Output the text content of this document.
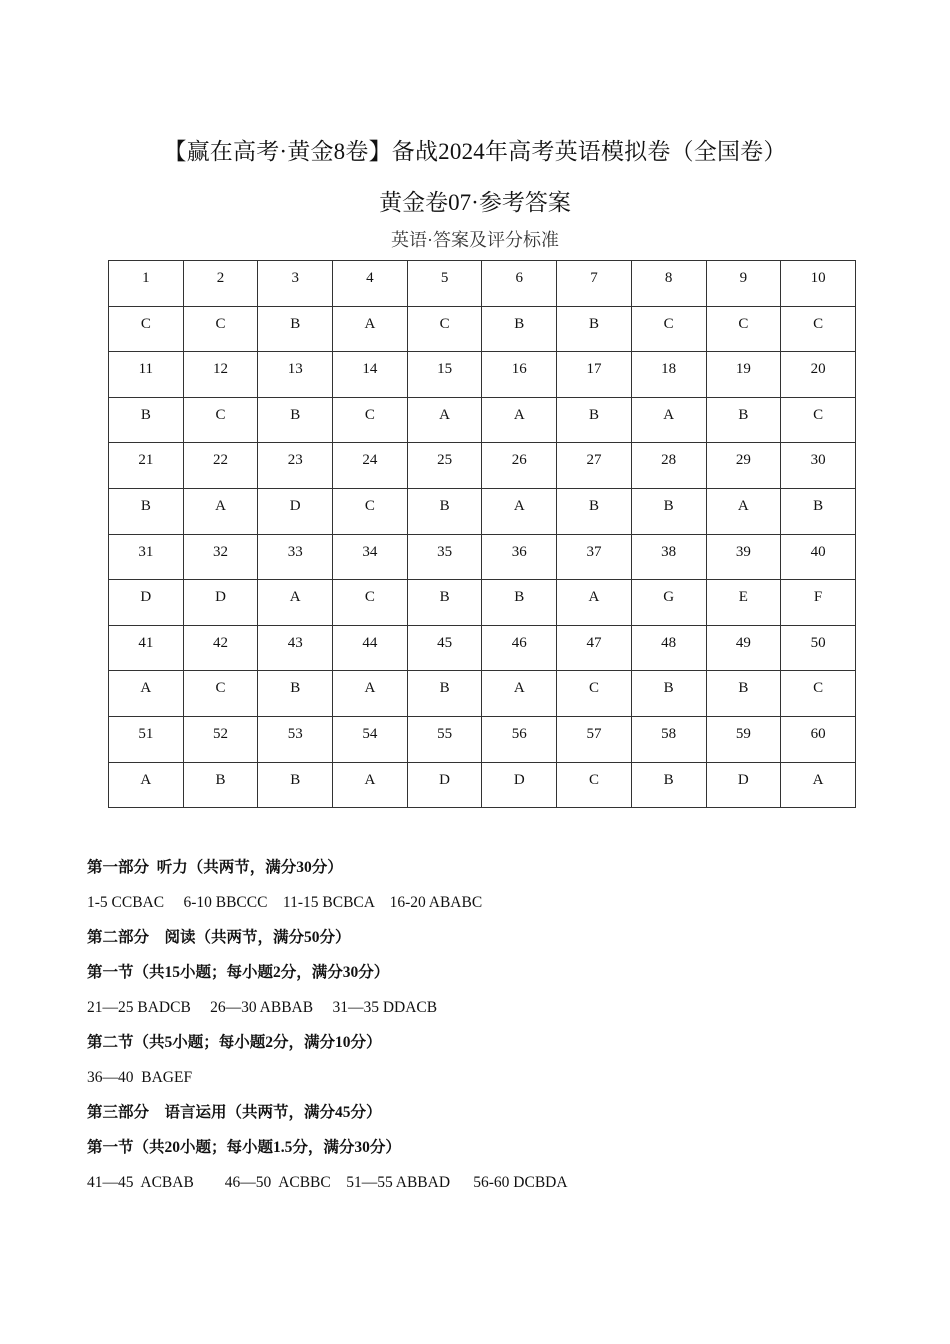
【赢在高考·黄金8卷】备战2024年高考英语模拟卷（全国卷）
黄金卷07·参考答案
英语·答案及评分标准
1	2	3	4	5	6	7	8	9	10
C	C	B	A	C	B	B	C	C	C
11	12	13	14	15	16	17	18	19	20
B	C	B	C	A	A	B	A	B	C
21	22	23	24	25	26	27	28	29	30
B	A	D	C	B	A	B	B	A	B
31	32	33	34	35	36	37	38	39	40
D	D	A	C	B	B	A	G	E	F
41	42	43	44	45	46	47	48	49	50
A	C	B	A	B	A	C	B	B	C
51	52	53	54	55	56	57	58	59	60
A	B	B	A	D	D	C	B	D	A
第一部分  听力（共两节，满分30分）
1-5 CCBAC     6-10 BBCCC    11-15 BCBCA    16-20 ABABC
第二部分    阅读（共两节，满分50分）
第一节（共15小题；每小题2分，满分30分）
21—25 BADCB     26—30 ABBAB     31—35 DDACB
第二节（共5小题；每小题2分，满分10分）
36—40  BAGEF
第三部分    语言运用（共两节，满分45分）
第一节（共20小题；每小题1.5分，满分30分）
41—45  ACBAB        46—50  ACBBC    51—55 ABBAD      56-60 DCBDA
